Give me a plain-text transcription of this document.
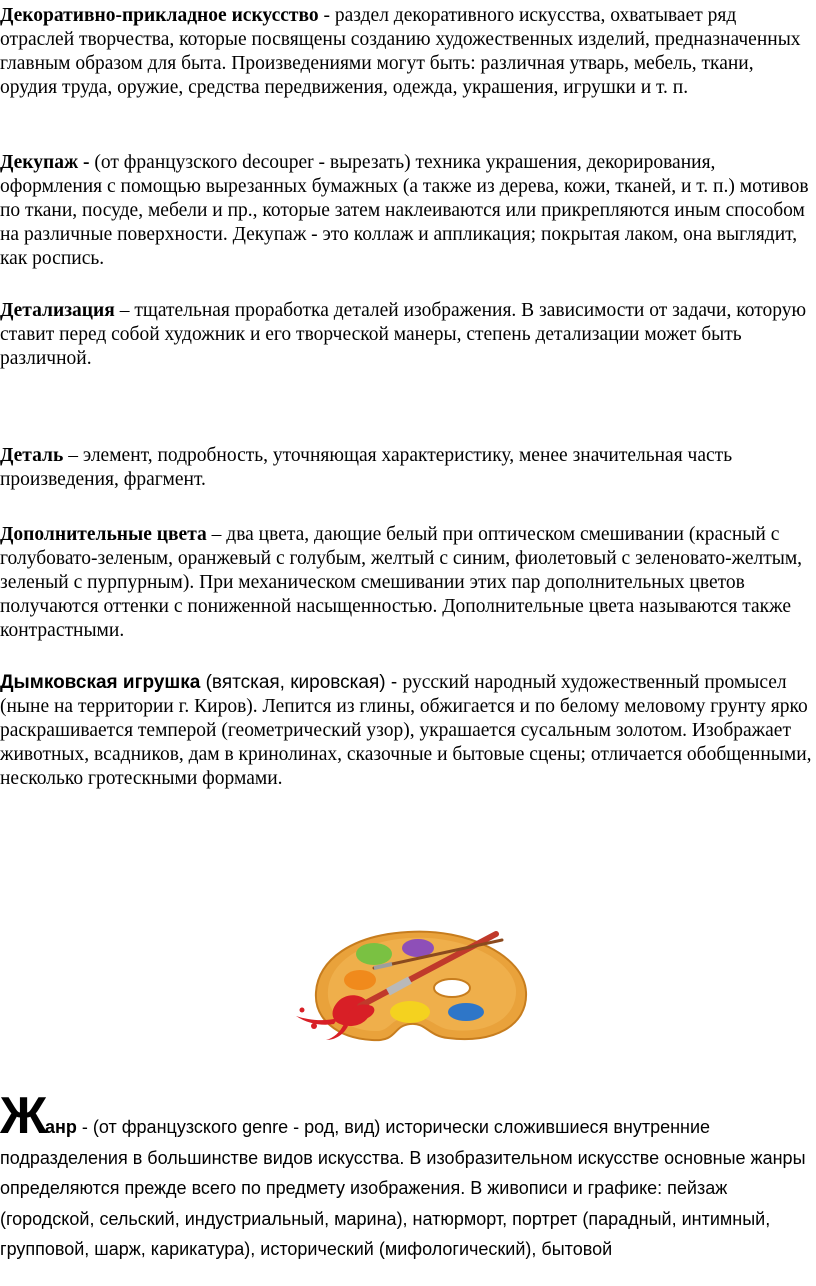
Декоративно-прикладное искусство - раздел декоративного искусства, охватывает ряд отраслей творчества, которые посвящены созданию художественных изделий, предназначенных главным образом для быта. Произведениями могут быть: различная утварь, мебель, ткани, орудия труда, оружие, средства передвижения, одежда, украшения, игрушки и т. п.

Декупаж - (от французского decouper - вырезать) техника украшения, декорирования, оформления с помощью вырезанных бумажных (а также из дерева, кожи, тканей, и т. п.) мотивов по ткани, посуде, мебели и пр., которые затем наклеиваются или прикрепляются иным способом на различные поверхности. Декупаж - это коллаж и аппликация; покрытая лаком, она выглядит, как роспись.

Детализация – тщательная проработка деталей изображения. В зависимости от задачи, которую ставит перед собой художник и его творческой манеры, степень детализации может быть различной.

Деталь – элемент, подробность, уточняющая характеристику, менее значительная часть произведения, фрагмент.

Дополнительные цвета – два цвета, дающие белый при оптическом смешивании (красный с голубовато-зеленым, оранжевый с голубым, желтый с синим, фиолетовый с зеленовато-желтым, зеленый с пурпурным). При механическом смешивании этих пар дополнительных цветов получаются оттенки с пониженной насыщенностью. Дополнительные цвета называются также контрастными.

Дымковская игрушка (вятская, кировская) - русский народный художественный промысел (ныне на территории г. Киров). Лепится из глины, обжигается и по белому меловому грунту ярко раскрашивается темперой (геометрический узор), украшается сусальным золотом. Изображает животных, всадников, дам в кринолинах, сказочные и бытовые сцены; отличается обобщенными, несколько гротескными формами.

Жанр - (от французского genre - род, вид) исторически сложившиеся внутренние
подразделения в большинстве видов искусства. В изобразительном искусстве основные жанры определяются прежде всего по предмету изображения. В живописи и графике: пейзаж (городской, сельский, индустриальный, марина), натюрморт, портрет (парадный, интимный, групповой, шарж, карикатура), исторический (мифологический), бытовой
